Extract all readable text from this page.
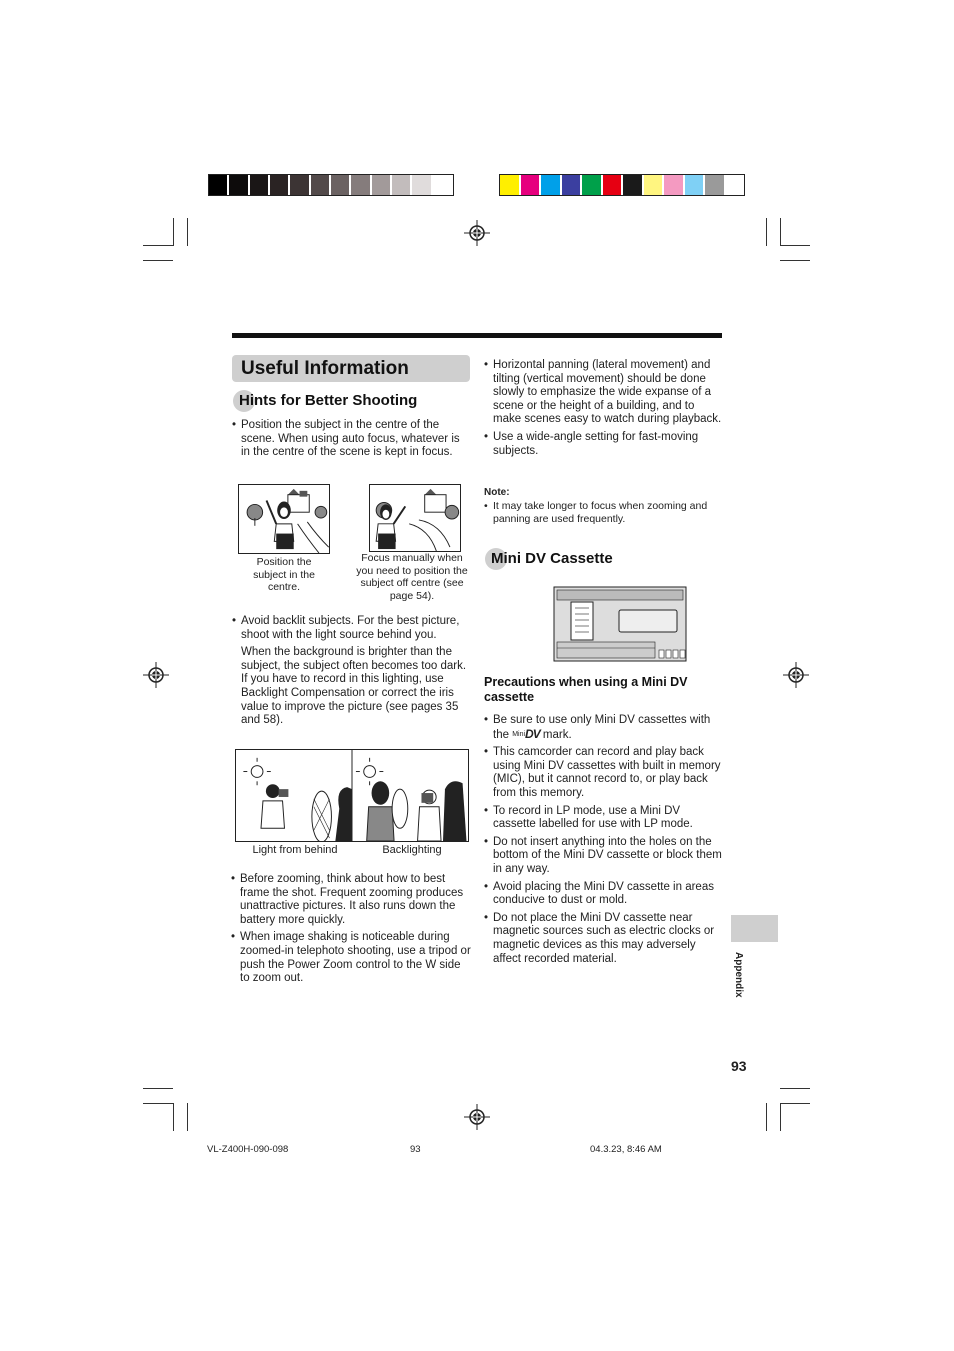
Useful Information
Hints for Better Shooting
• Position the subject in the centre of the scene. When using auto focus, whatever is in the centre of the scene is kept in focus.
Position the subject in the centre.
Focus manually when you need to position the subject off centre (see page 54).
• Avoid backlit subjects. For the best picture, shoot with the light source behind you.
When the background is brighter than the subject, the subject often becomes too dark. If you have to record in this lighting, use Backlight Compensation or correct the iris value to improve the picture (see pages 35 and 58).
Light from behind	Backlighting
• Before zooming, think about how to best frame the shot. Frequent zooming produces unattractive pictures. It also runs down the battery more quickly.
• When image shaking is noticeable during zoomed-in telephoto shooting, use a tripod or push the Power Zoom control to the W side to zoom out.
• Horizontal panning (lateral movement) and tilting (vertical movement) should be done slowly to emphasize the wide expanse of a scene or the height of a building, and to make scenes easy to watch during playback.
• Use a wide-angle setting for fast-moving subjects.
Note:
• It may take longer to focus when zooming and panning are used frequently.
Mini DV Cassette
Precautions when using a Mini DV cassette
• Be sure to use only Mini DV cassettes with the MiniDV mark.
• This camcorder can record and play back using Mini DV cassettes with built in memory (MIC), but it cannot record to, or play back from this memory.
• To record in LP mode, use a Mini DV cassette labelled for use with LP mode.
• Do not insert anything into the holes on the bottom of the Mini DV cassette or block them in any way.
• Avoid placing the Mini DV cassette in areas conducive to dust or mold.
• Do not place the Mini DV cassette near magnetic sources such as electric clocks or magnetic devices as this may adversely affect recorded material.	Appendix
93
VL-Z400H-090-098	93	04.3.23, 8:46 AM
